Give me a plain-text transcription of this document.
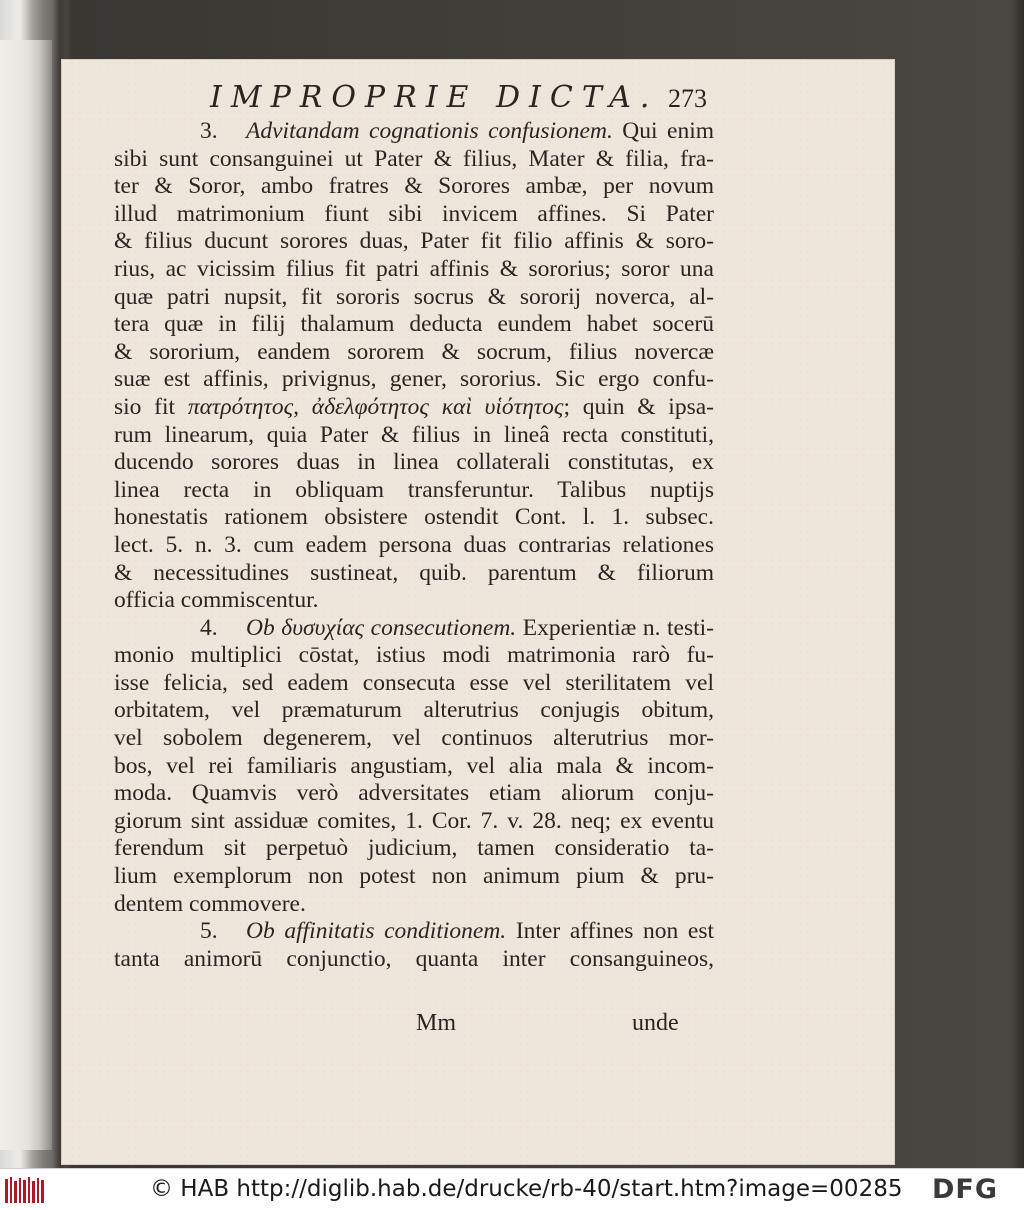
IMPROPRIE DICTA. 273
3. Advitandam cognationis confusionem. Qui enim
sibi sunt consanguinei ut Pater & filius, Mater & filia, fra-
ter & Soror, ambo fratres & Sorores ambæ, per novum
illud matrimonium fiunt sibi invicem affines. Si Pater
& filius ducunt sorores duas, Pater fit filio affinis & soro-
rius, ac vicissim filius fit patri affinis & sororius; soror una
quæ patri nupsit, fit sororis socrus & sororij noverca, al-
tera quæ in filij thalamum deducta eundem habet socerū
& sororium, eandem sororem & socrum, filius novercæ
suæ est affinis, privignus, gener, sororius. Sic ergo confu-
sio fit πατρότητος, ἀδελφότητος καὶ υἱότητος; quin & ipsa-
rum linearum, quia Pater & filius in lineâ recta constituti,
ducendo sorores duas in linea collaterali constitutas, ex
linea recta in obliquam transferuntur. Talibus nuptijs
honestatis rationem obsistere ostendit Cont. l. 1. subsec.
lect. 5. n. 3. cum eadem persona duas contrarias relationes
& necessitudines sustineat, quib. parentum & filiorum
officia commiscentur.
4. Ob δυσυχίας consecutionem. Experientiæ n. testi-
monio multiplici cōstat, istius modi matrimonia rarò fu-
isse felicia, sed eadem consecuta esse vel sterilitatem vel
orbitatem, vel præmaturum alterutrius conjugis obitum,
vel sobolem degenerem, vel continuos alterutrius mor-
bos, vel rei familiaris angustiam, vel alia mala & incom-
moda. Quamvis verò adversitates etiam aliorum conju-
giorum sint assiduæ comites, 1. Cor. 7. v. 28. neq; ex eventu
ferendum sit perpetuò judicium, tamen consideratio ta-
lium exemplorum non potest non animum pium & pru-
dentem commovere.
5. Ob affinitatis conditionem. Inter affines non est
tanta animorū conjunctio, quanta inter consanguineos,
Mm	unde
© HAB http://diglib.hab.de/drucke/rb-40/start.htm?image=00285 DFG
